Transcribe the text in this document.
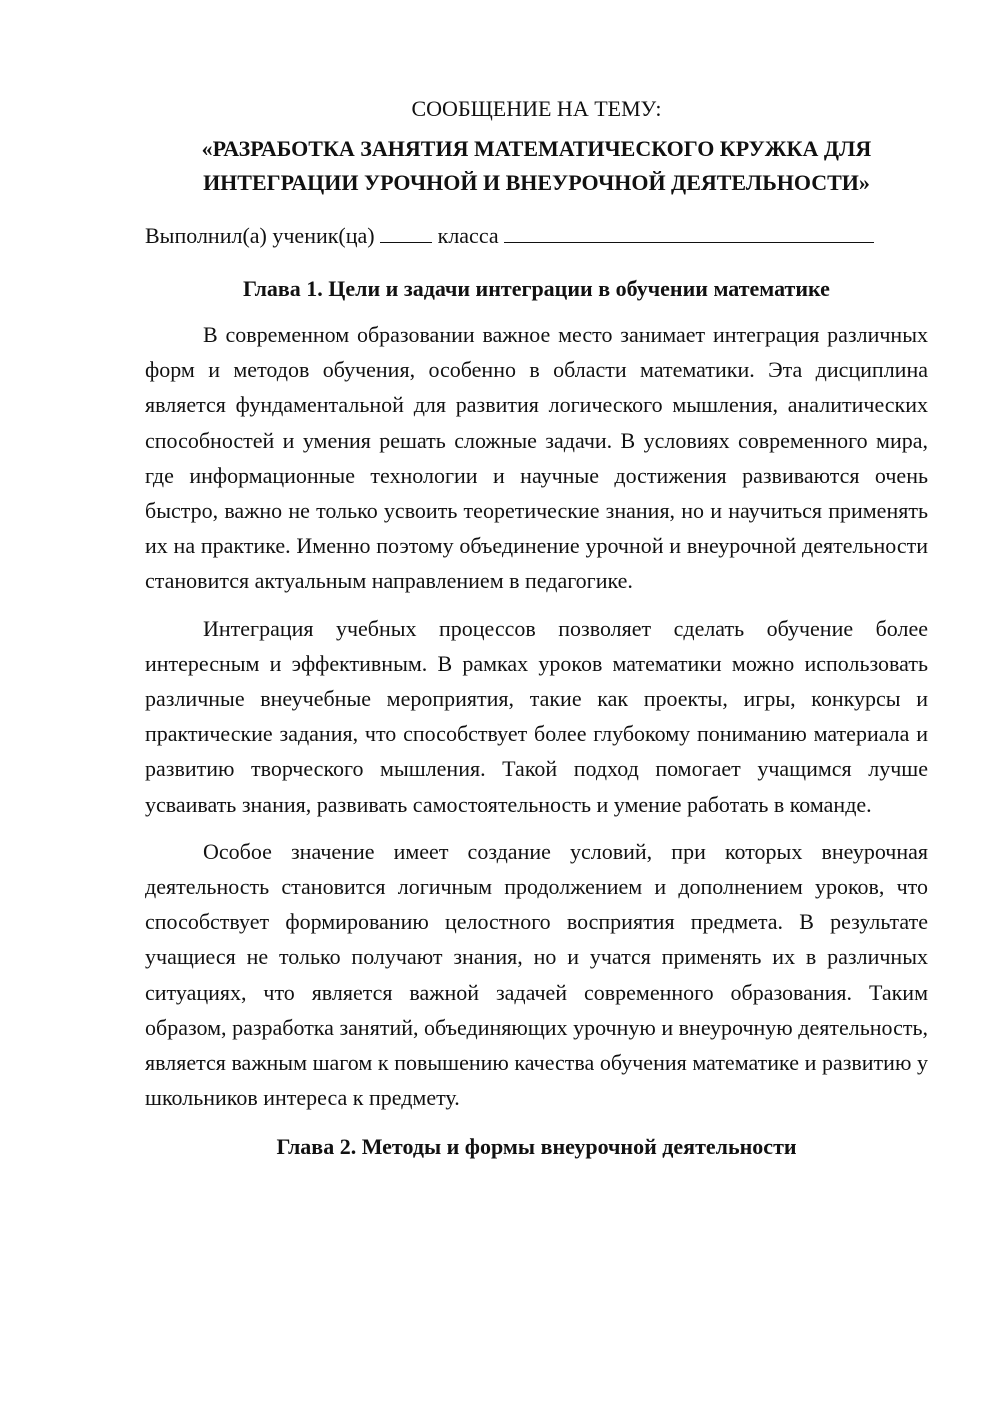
СООБЩЕНИЕ НА ТЕМУ:

«РАЗРАБОТКА ЗАНЯТИЯ МАТЕМАТИЧЕСКОГО КРУЖКА ДЛЯ
ИНТЕГРАЦИИ УРОЧНОЙ И ВНЕУРОЧНОЙ ДЕЯТЕЛЬНОСТИ»

Выполнил(а) ученик(ца)  класса

Глава 1. Цели и задачи интеграции в обучении математике

В современном образовании важное место занимает интеграция различных форм и методов обучения, особенно в области математики. Эта дисциплина является фундаментальной для развития логического мышления, аналитических способностей и умения решать сложные задачи. В условиях современного мира, где информационные технологии и научные достижения развиваются очень быстро, важно не только усвоить теоретические знания, но и научиться применять их на практике. Именно поэтому объединение урочной и внеурочной деятельности становится актуальным направлением в педагогике.

Интеграция учебных процессов позволяет сделать обучение более интересным и эффективным. В рамках уроков математики можно использовать различные внеучебные мероприятия, такие как проекты, игры, конкурсы и практические задания, что способствует более глубокому пониманию материала и развитию творческого мышления. Такой подход помогает учащимся лучше усваивать знания, развивать самостоятельность и умение работать в команде.

Особое значение имеет создание условий, при которых внеурочная деятельность становится логичным продолжением и дополнением уроков, что способствует формированию целостного восприятия предмета. В результате учащиеся не только получают знания, но и учатся применять их в различных ситуациях, что является важной задачей современного образования. Таким образом, разработка занятий, объединяющих урочную и внеурочную деятельность, является важным шагом к повышению качества обучения математике и развитию у школьников интереса к предмету.

Глава 2. Методы и формы внеурочной деятельности
